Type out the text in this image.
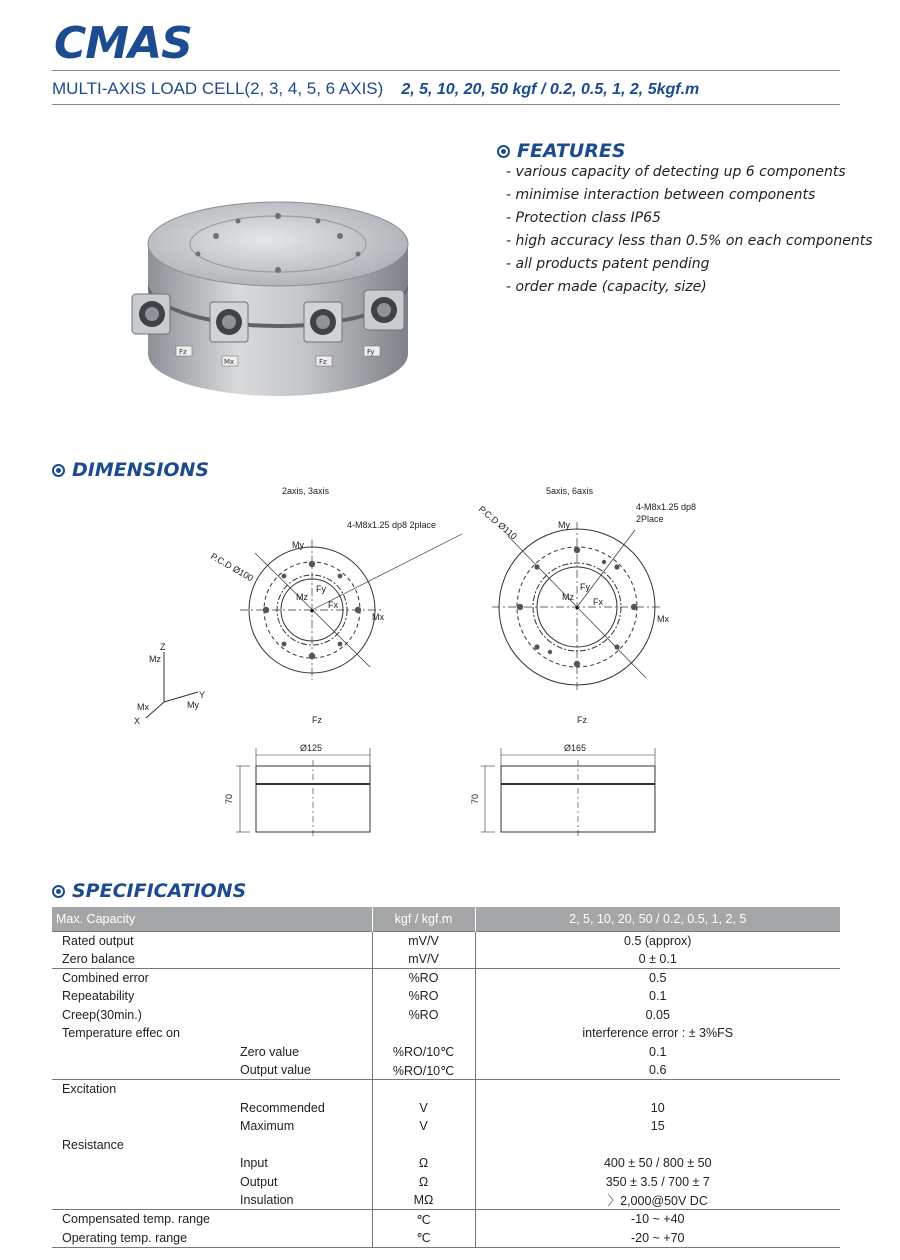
CMAS
MULTI-AXIS LOAD CELL(2, 3, 4, 5, 6 AXIS) 2, 5, 10, 20, 50 kgf / 0.2, 0.5, 1, 2, 5kgf.m
Fz
Mx	Fz
Fy
FEATURES
- various capacity of detecting up 6 components
- minimise interaction between components
- Protection class IP65
- high accuracy less than 0.5% on each components
- all products patent pending
- order made (capacity, size)
DIMENSIONS
2axis, 3axis
●
P.C.D Ø100
4-M8x1.25 dp8 2place
My
Mz
Fy
Fx
Mx
5axis, 6axis
●
P.C.D Ø110	4-M8x1.25 dp8
2Place
My
Mz
Fy
Fx
Mx
Z
Mz
Y
My
Mx
X	Fz
Ø125
70
Fz
Ø165
70
SPECIFICATIONS
Max. Capacity	kgf / kgf.m	2, 5, 10, 20, 50 / 0.2, 0.5, 1, 2, 5
Rated output	mV/V	0.5 (approx)
Zero balance	mV/V	0 ± 0.1
Combined error	%RO	0.5
Repeatability	%RO	0.1
Creep(30min.)	%RO	0.05
Temperature effec on		interference error : ± 3%FS
Zero value	%RO/10℃	0.1
Output value	%RO/10℃	0.6
Excitation		
Recommended	V	10
Maximum	V	15
Resistance		
Input	Ω	400 ± 50 / 800 ± 50
Output	Ω	350 ± 3.5 / 700 ± 7
Insulation	MΩ	〉2,000@50V DC
Compensated temp. range	℃	-10 ~ +40
Operating temp. range	℃	-20 ~ +70
